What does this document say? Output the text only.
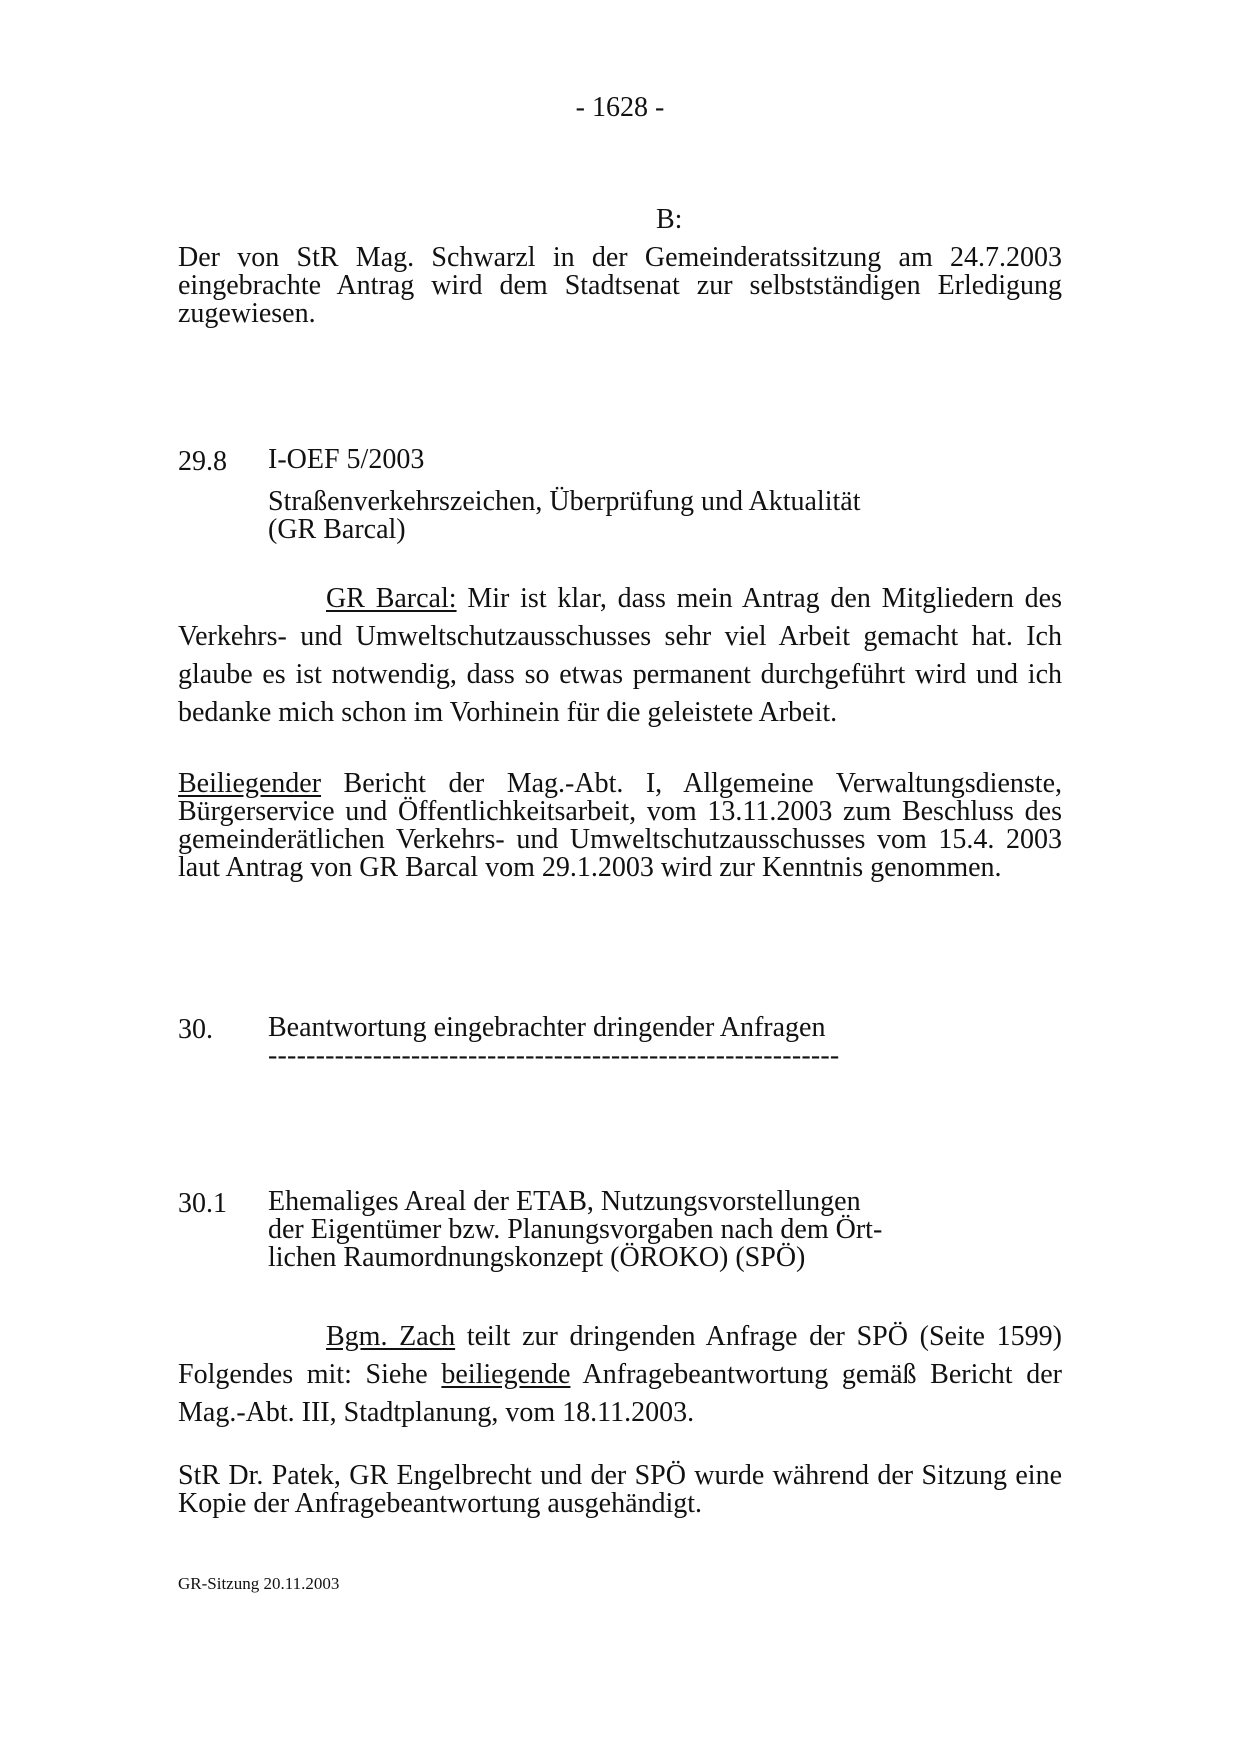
- 1628 -
B:
Der von StR Mag. Schwarzl in der Gemeinderatssitzung am 24.7.2003 eingebrachte Antrag wird dem Stadtsenat zur selbstständigen Erledigung zugewiesen.
29.8 I-OEF 5/2003
Straßenverkehrszeichen, Überprüfung und Aktualität
(GR Barcal)
GR Barcal: Mir ist klar, dass mein Antrag den Mitgliedern des Verkehrs- und Umweltschutzausschusses sehr viel Arbeit gemacht hat. Ich glaube es ist notwendig, dass so etwas permanent durchgeführt wird und ich bedanke mich schon im Vorhinein für die geleistete Arbeit.
Beiliegender Bericht der Mag.-Abt. I, Allgemeine Verwaltungsdienste, Bürgerservice und Öffentlichkeitsarbeit, vom 13.11.2003 zum Beschluss des gemeinderätlichen Verkehrs- und Umweltschutzausschusses vom 15.4. 2003 laut Antrag von GR Barcal vom 29.1.2003 wird zur Kenntnis genommen.
30. Beantwortung eingebrachter dringender Anfragen
------------------------------------------------------------
30.1 Ehemaliges Areal der ETAB, Nutzungsvorstellungen
der Eigentümer bzw. Planungsvorgaben nach dem Ört-
lichen Raumordnungskonzept (ÖROKO) (SPÖ)
Bgm. Zach teilt zur dringenden Anfrage der SPÖ (Seite 1599) Folgendes mit: Siehe beiliegende Anfragebeantwortung gemäß Bericht der Mag.-Abt. III, Stadtplanung, vom 18.11.2003.
StR Dr. Patek, GR Engelbrecht und der SPÖ wurde während der Sitzung eine Kopie der Anfragebeantwortung ausgehändigt.
GR-Sitzung 20.11.2003
